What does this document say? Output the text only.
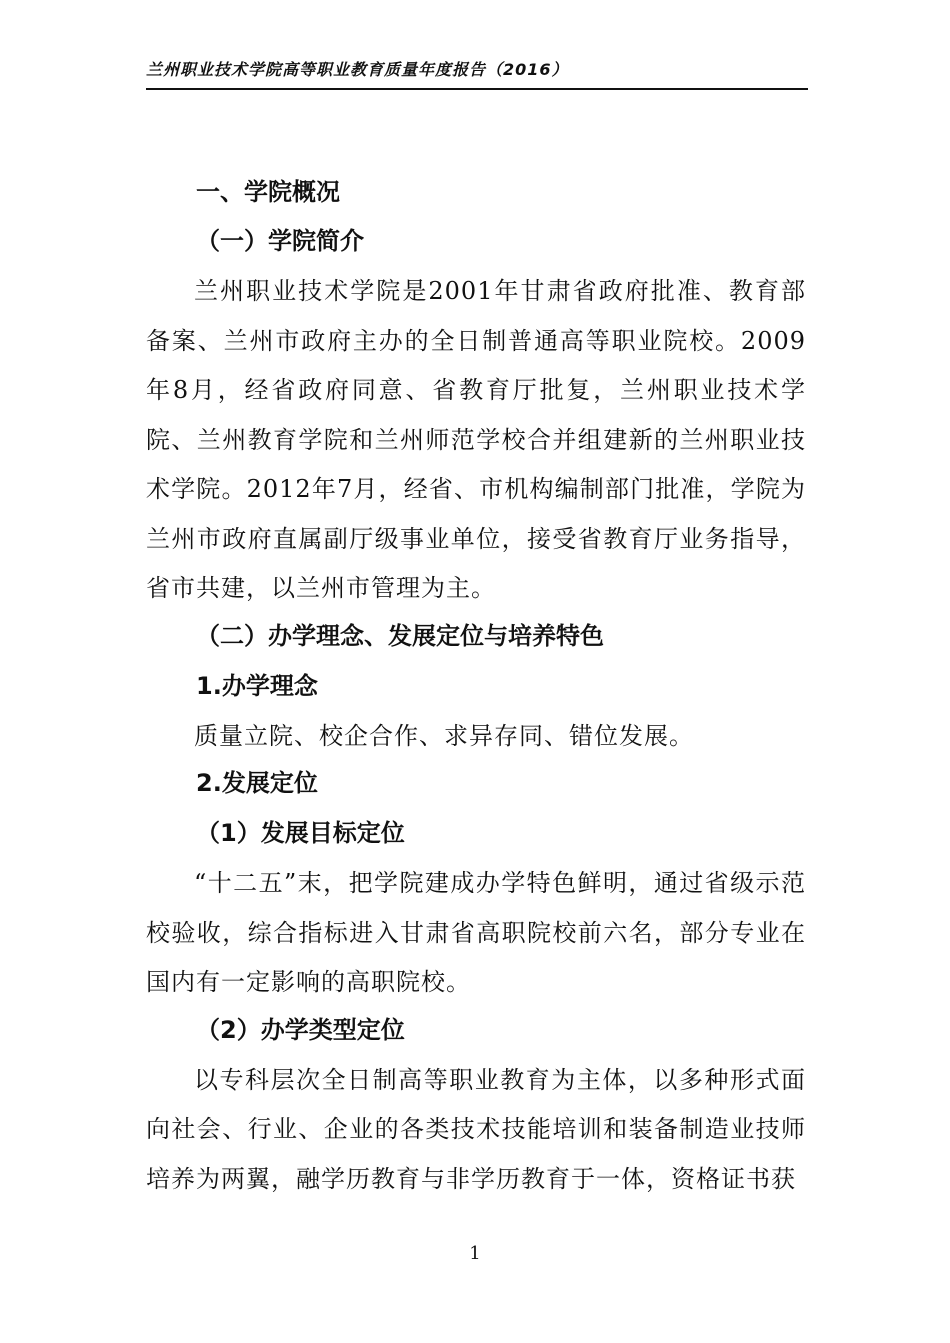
兰州职业技术学院高等职业教育质量年度报告（2016）
一、学院概况
（一）学院简介

兰州职业技术学院是2001年甘肃省政府批准、教育部备案、兰州市政府主办的全日制普通高等职业院校。2009年8月，经省政府同意、省教育厅批复，兰州职业技术学院、兰州教育学院和兰州师范学校合并组建新的兰州职业技术学院。2012年7月，经省、市机构编制部门批准，学院为兰州市政府直属副厅级事业单位，接受省教育厅业务指导，省市共建，以兰州市管理为主。

（二）办学理念、发展定位与培养特色
1.办学理念

质量立院、校企合作、求异存同、错位发展。

2.发展定位
（1）发展目标定位

“十二五”末，把学院建成办学特色鲜明，通过省级示范校验收，综合指标进入甘肃省高职院校前六名，部分专业在国内有一定影响的高职院校。

（2）办学类型定位

以专科层次全日制高等职业教育为主体，以多种形式面向社会、行业、企业的各类技术技能培训和装备制造业技师培养为两翼，融学历教育与非学历教育于一体，资格证书获

1
